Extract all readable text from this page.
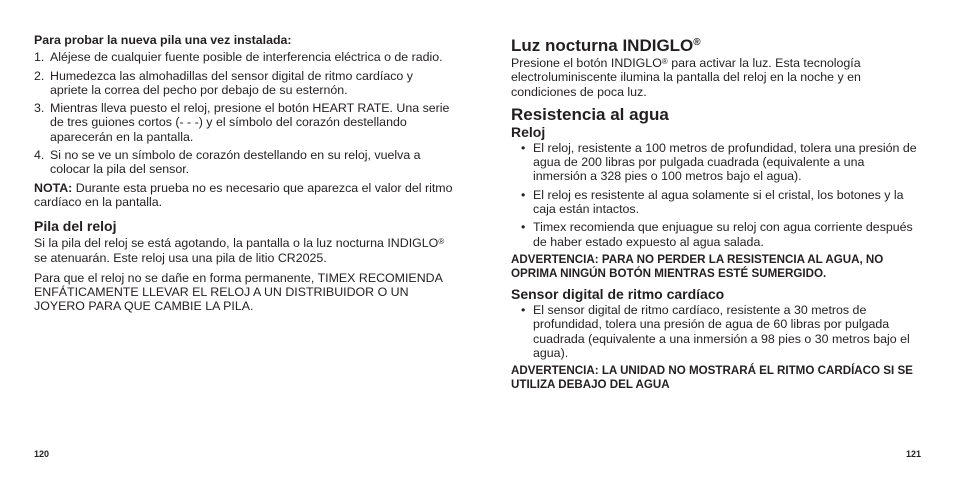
Para probar la nueva pila una vez instalada:

1. Aléjese de cualquier fuente posible de interferencia eléctrica o de radio.
2. Humedezca las almohadillas del sensor digital de ritmo cardíaco y apriete la correa del pecho por debajo de su esternón.
3. Mientras lleva puesto el reloj, presione el botón HEART RATE. Una serie de tres guiones cortos (- - -) y el símbolo del corazón destellando aparecerán en la pantalla.
4. Si no se ve un símbolo de corazón destellando en su reloj, vuelva a colocar la pila del sensor.

NOTA: Durante esta prueba no es necesario que aparezca el valor del ritmo cardíaco en la pantalla.

Pila del reloj

Si la pila del reloj se está agotando, la pantalla o la luz nocturna INDIGLO® se atenuarán. Este reloj usa una pila de litio CR2025.

Para que el reloj no se dañe en forma permanente, TIMEX RECOMIENDA ENFÁTICAMENTE LLEVAR EL RELOJ A UN DISTRIBUIDOR O UN JOYERO PARA QUE CAMBIE LA PILA.

120
Luz nocturna INDIGLO®

Presione el botón INDIGLO® para activar la luz. Esta tecnología electroluminiscente ilumina la pantalla del reloj en la noche y en condiciones de poca luz.

Resistencia al agua
Reloj
• El reloj, resistente a 100 metros de profundidad, tolera una presión de agua de 200 libras por pulgada cuadrada (equivalente a una inmersión a 328 pies o 100 metros bajo el agua).
• El reloj es resistente al agua solamente si el cristal, los botones y la caja están intactos.
• Timex recomienda que enjuague su reloj con agua corriente después de haber estado expuesto al agua salada.

ADVERTENCIA: PARA NO PERDER LA RESISTENCIA AL AGUA, NO OPRIMA NINGÚN BOTÓN MIENTRAS ESTÉ SUMERGIDO.

Sensor digital de ritmo cardíaco
• El sensor digital de ritmo cardíaco, resistente a 30 metros de profundidad, tolera una presión de agua de 60 libras por pulgada cuadrada (equivalente a una inmersión a 98 pies o 30 metros bajo el agua).

ADVERTENCIA: LA UNIDAD NO MOSTRARÁ EL RITMO CARDÍACO SI SE UTILIZA DEBAJO DEL AGUA

121
